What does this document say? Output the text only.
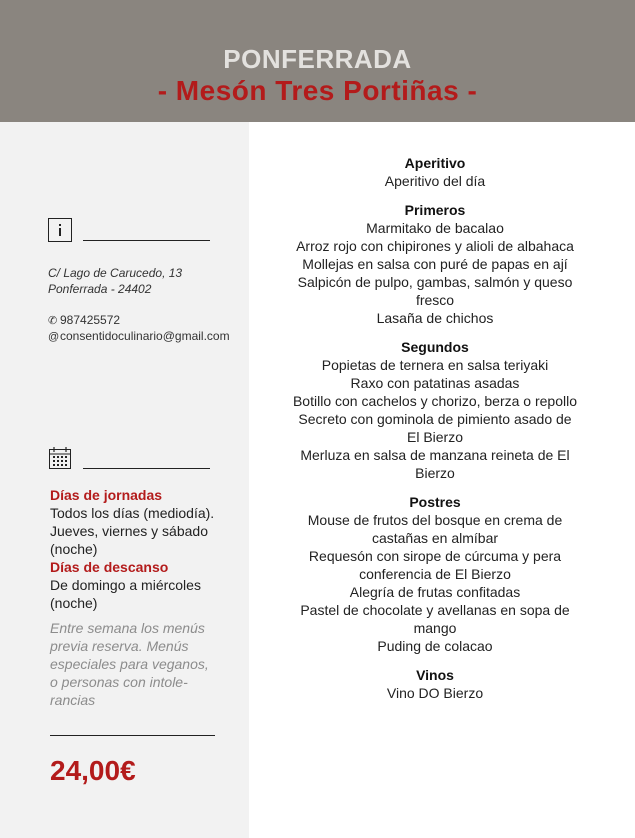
PONFERRADA
- Mesón Tres Portiñas -
C/ Lago de Carucedo, 13
Ponferrada - 24402
✆ 987425572
@consentidoculinario@gmail.com
Días de jornadas
Todos los días (mediodía).
Jueves, viernes y sábado
(noche)
Días de descanso
De domingo a miércoles
(noche)
Entre semana los menús
previa reserva. Menús
especiales para veganos,
o personas con intole-
rancias
24,00€
Aperitivo
Aperitivo del día
Primeros
Marmitako de bacalao
Arroz rojo con chipirones y alioli de albahaca
Mollejas en salsa con puré de papas en ají
Salpicón de pulpo, gambas, salmón y queso
fresco
Lasaña de chichos
Segundos
Popietas de ternera en salsa teriyaki
Raxo con patatinas asadas
Botillo con cachelos y chorizo, berza o repollo
Secreto con gominola de pimiento asado de
El Bierzo
Merluza en salsa de manzana reineta de El
Bierzo
Postres
Mouse de frutos del bosque en crema de
castañas en almíbar
Requesón con sirope de cúrcuma y pera
conferencia de El Bierzo
Alegría de frutas confitadas
Pastel de chocolate y avellanas en sopa de
mango
Puding de colacao
Vinos
Vino DO Bierzo
